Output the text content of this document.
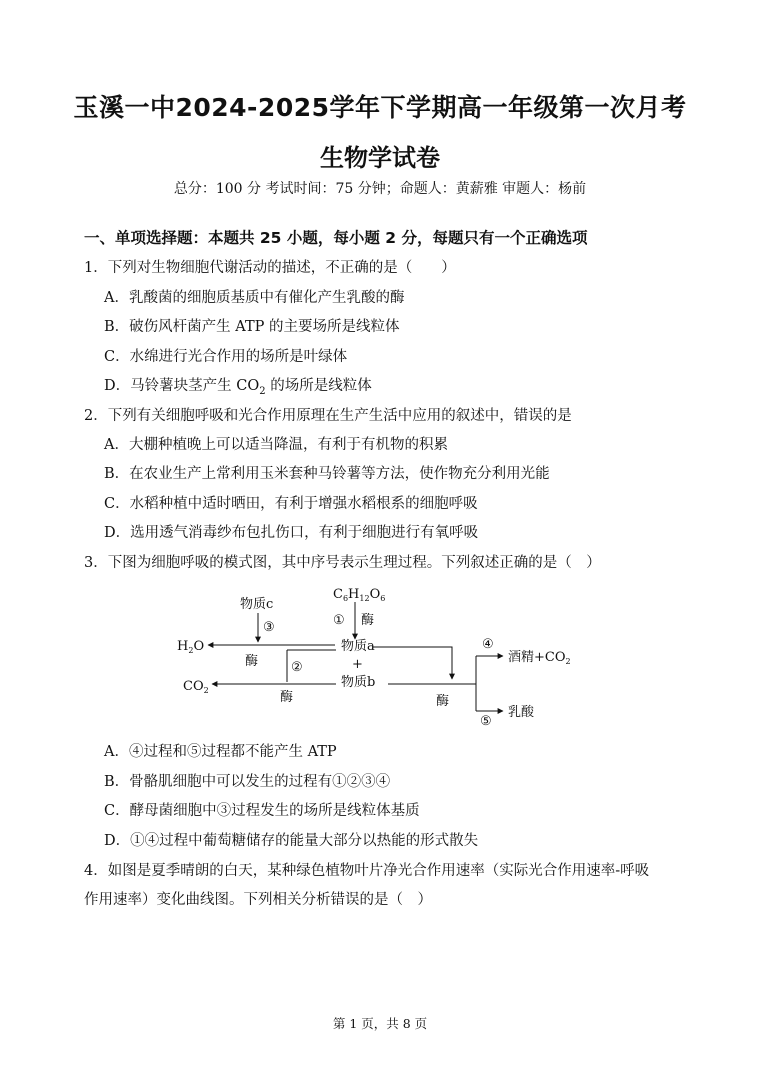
玉溪一中2024-2025学年下学期高一年级第一次月考
生物学试卷
总分：100 分 考试时间：75 分钟；命题人：黄薪雅 审题人：杨前
一、单项选择题：本题共 25 小题，每小题 2 分，每题只有一个正确选项
1．下列对生物细胞代谢活动的描述，不正确的是（　　）
A．乳酸菌的细胞质基质中有催化产生乳酸的酶
B．破伤风杆菌产生 ATP 的主要场所是线粒体
C．水绵进行光合作用的场所是叶绿体
D．马铃薯块茎产生 $CO_2$ 的场所是线粒体
2．下列有关细胞呼吸和光合作用原理在生产生活中应用的叙述中，错误的是
A．大棚种植晚上可以适当降温，有利于有机物的积累
B．在农业生产上常利用玉米套种马铃薯等方法，使作物充分利用光能
C．水稻种植中适时晒田，有利于增强水稻根系的细胞呼吸
D．选用透气消毒纱布包扎伤口，有利于细胞进行有氧呼吸
3．下图为细胞呼吸的模式图，其中序号表示生理过程。下列叙述正确的是（　）
$C_6H_{12}O_6$
① 酶
物质c
③
$H_2O$
酶
物质a
+
物质b
②
$CO_2$	酶	酶
④
酒精$+CO_2$
⑤
乳酸
A．④过程和⑤过程都不能产生 ATP
B．骨骼肌细胞中可以发生的过程有①②③④
C．酵母菌细胞中③过程发生的场所是线粒体基质
D．①④过程中葡萄糖储存的能量大部分以热能的形式散失
4．如图是夏季晴朗的白天，某种绿色植物叶片净光合作用速率（实际光合作用速率-呼吸
作用速率）变化曲线图。下列相关分析错误的是（　）
第 1 页，共 8 页
